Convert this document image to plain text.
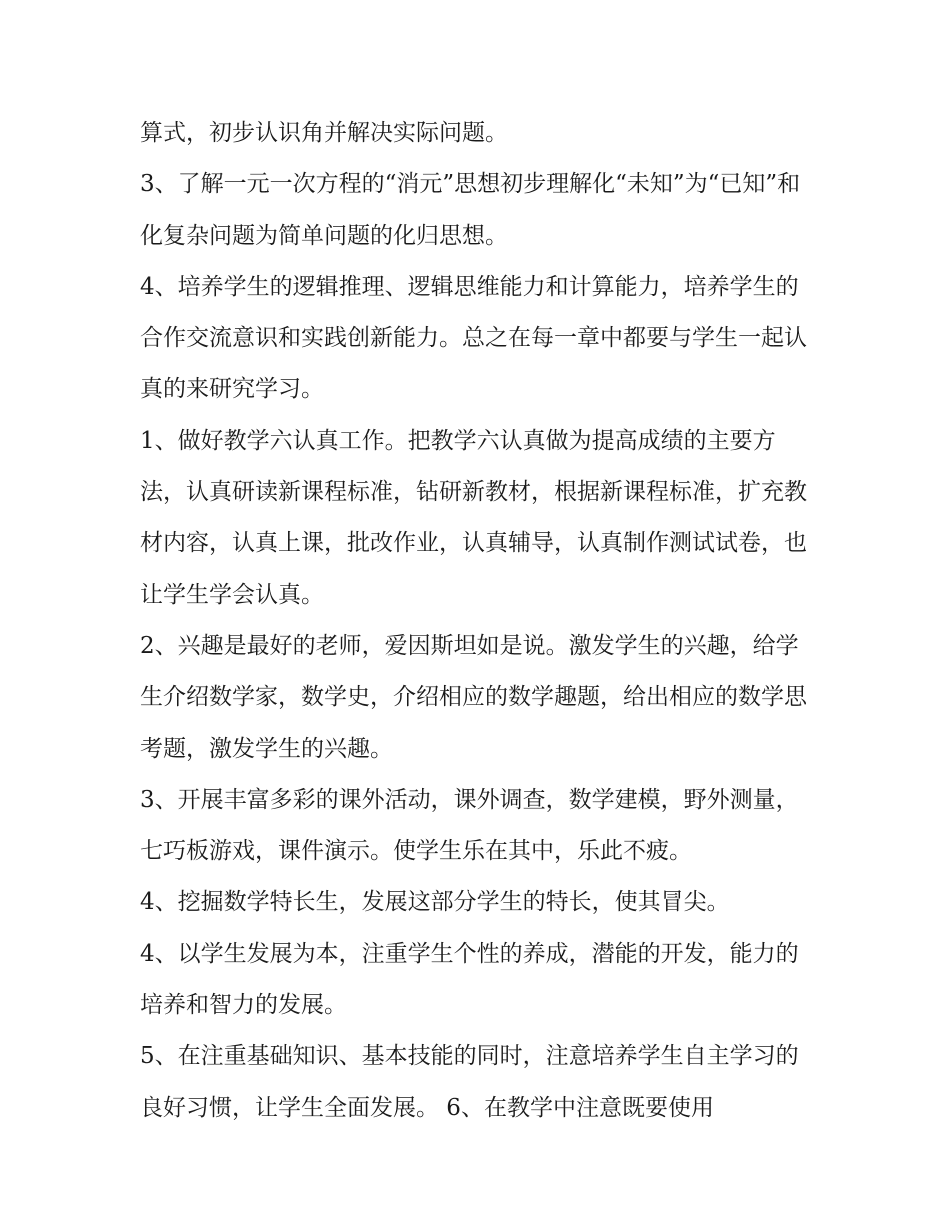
算式，初步认识角并解决实际问题。

3、了解一元一次方程的“消元”思想初步理解化“未知”为“已知”和化复杂问题为简单问题的化归思想。

4、培养学生的逻辑推理、逻辑思维能力和计算能力，培养学生的合作交流意识和实践创新能力。总之在每一章中都要与学生一起认真的来研究学习。

1、做好教学六认真工作。把教学六认真做为提高成绩的主要方法，认真研读新课程标准，钻研新教材，根据新课程标准，扩充教材内容，认真上课，批改作业，认真辅导，认真制作测试试卷，也让学生学会认真。

2、兴趣是最好的老师，爱因斯坦如是说。激发学生的兴趣，给学生介绍数学家，数学史，介绍相应的数学趣题，给出相应的数学思考题，激发学生的兴趣。

3、开展丰富多彩的课外活动，课外调查，数学建模，野外测量，七巧板游戏，课件演示。使学生乐在其中，乐此不疲。

4、挖掘数学特长生，发展这部分学生的特长，使其冒尖。

4、以学生发展为本，注重学生个性的养成，潜能的开发，能力的培养和智力的发展。

5、在注重基础知识、基本技能的同时，注意培养学生自主学习的良好习惯，让学生全面发展。 6、在教学中注意既要使用
